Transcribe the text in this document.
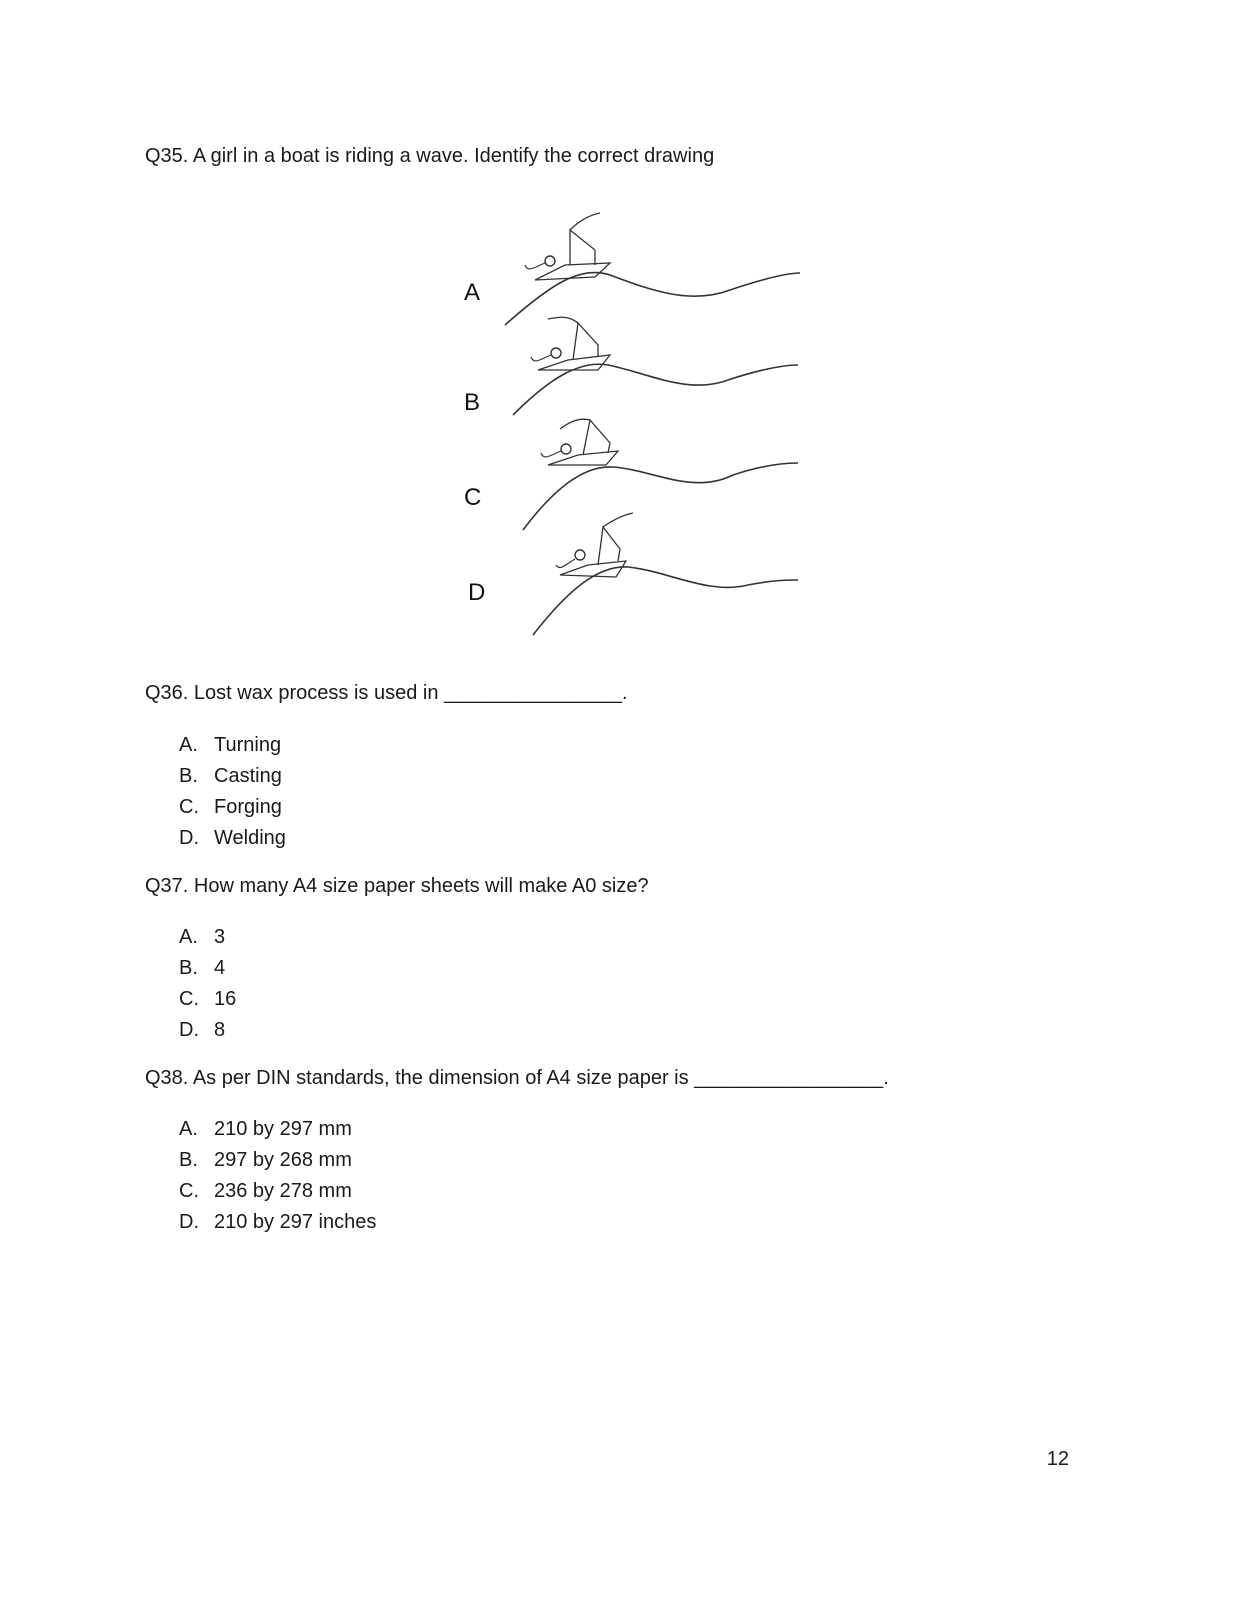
Q35. A girl in a boat is riding a wave. Identify the correct drawing
A
B
C
D
Q36. Lost wax process is used in ________________.
A. Turning
B. Casting
C. Forging
D. Welding
Q37. How many A4 size paper sheets will make A0 size?
A. 3
B. 4
C. 16
D. 8
Q38. As per DIN standards, the dimension of A4 size paper is _________________.
A. 210 by 297 mm
B. 297 by 268 mm
C. 236 by 278 mm
D. 210 by 297 inches
12
